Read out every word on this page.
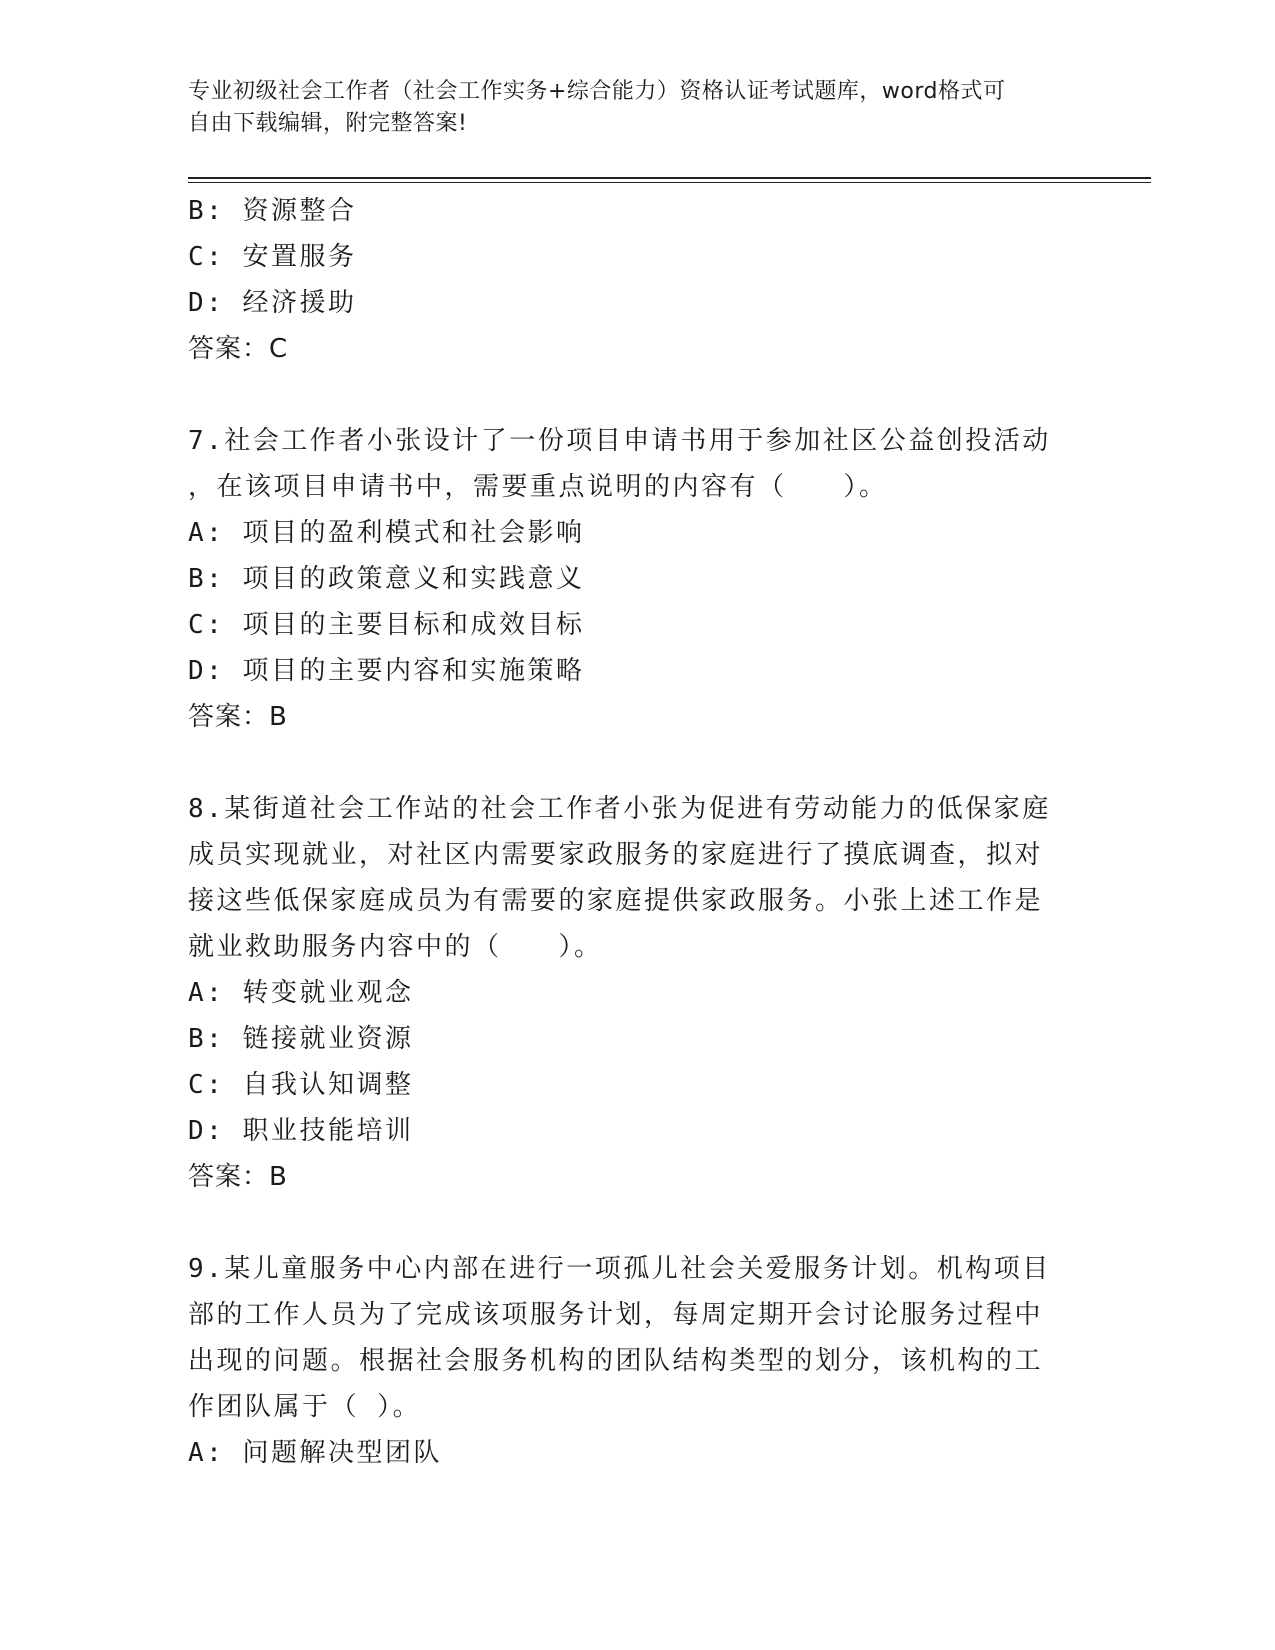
专业初级社会工作者（社会工作实务+综合能力）资格认证考试题库，word格式可
自由下载编辑，附完整答案!
B: 资源整合
C: 安置服务
D: 经济援助
答案：C
7.社会工作者小张设计了一份项目申请书用于参加社区公益创投活动
，在该项目申请书中，需要重点说明的内容有（　　）。
A: 项目的盈利模式和社会影响
B: 项目的政策意义和实践意义
C: 项目的主要目标和成效目标
D: 项目的主要内容和实施策略
答案：B
8.某街道社会工作站的社会工作者小张为促进有劳动能力的低保家庭
成员实现就业，对社区内需要家政服务的家庭进行了摸底调查，拟对
接这些低保家庭成员为有需要的家庭提供家政服务。小张上述工作是
就业救助服务内容中的（　　）。
A: 转变就业观念
B: 链接就业资源
C: 自我认知调整
D: 职业技能培训
答案：B
9.某儿童服务中心内部在进行一项孤儿社会关爱服务计划。机构项目
部的工作人员为了完成该项服务计划，每周定期开会讨论服务过程中
出现的问题。根据社会服务机构的团队结构类型的划分，该机构的工
作团队属于（ ）。
A: 问题解决型团队
